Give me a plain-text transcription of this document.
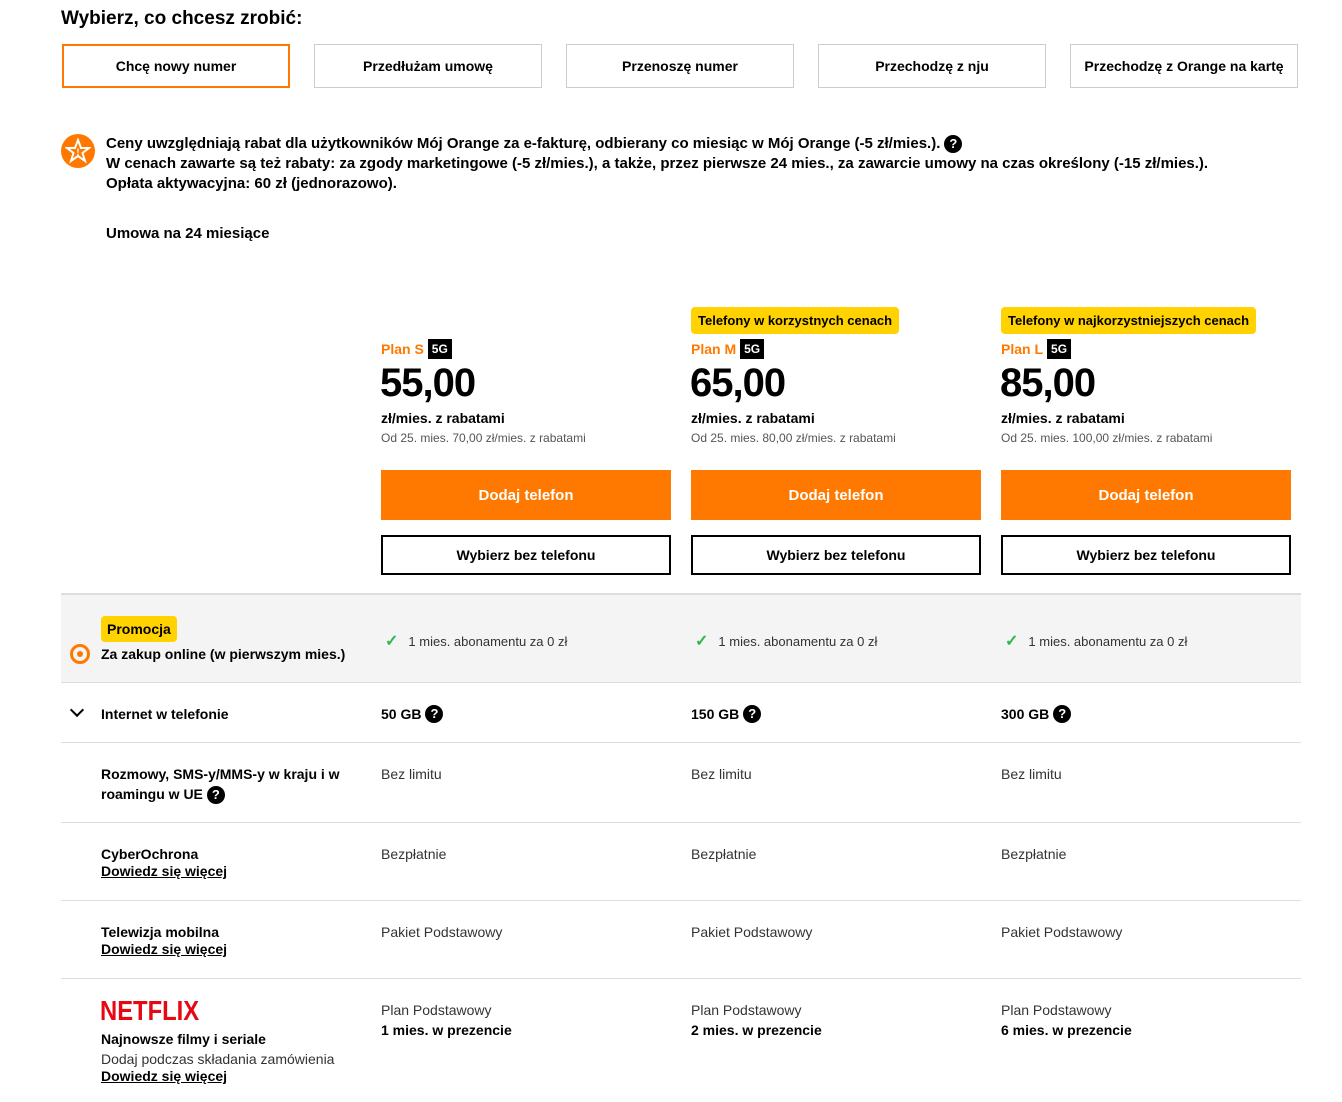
Wybierz, co chcesz zrobić:
Chcę nowy numer	Przedłużam umowę	Przenoszę numer	Przechodzę z nju	Przechodzę z Orange na kartę
! Ceny uwzględniają rabat dla użytkowników Mój Orange za e-fakturę, odbierany co miesiąc w Mój Orange (-5 zł/mies.). ?
W cenach zawarte są też rabaty: za zgody marketingowe (-5 zł/mies.), a także, przez pierwsze 24 mies., za zawarcie umowy na czas określony (-15 zł/mies.).
Opłata aktywacyjna: 60 zł (jednorazowo).
Umowa na 24 miesiące
Plan S 5G
55,00
zł/mies. z rabatami
Od 25. mies. 70,00 zł/mies. z rabatami
Dodaj telefon
Wybierz bez telefonu
Telefony w korzystnych cenach
Plan M 5G
65,00
zł/mies. z rabatami
Od 25. mies. 80,00 zł/mies. z rabatami
Dodaj telefon
Wybierz bez telefonu
Telefony w najkorzystniejszych cenach
Plan L 5G
85,00
zł/mies. z rabatami
Od 25. mies. 100,00 zł/mies. z rabatami
Dodaj telefon
Wybierz bez telefonu
Promocja
Za zakup online (w pierwszym mies.)
✓ 1 mies. abonamentu za 0 zł	✓ 1 mies. abonamentu za 0 zł	✓ 1 mies. abonamentu za 0 zł
Internet w telefonie	50 GB ?	150 GB ?	300 GB ?
Rozmowy, SMS-y/MMS-y w kraju i w
roamingu w UE ?
Bez limitu	Bez limitu	Bez limitu
CyberOchrona
Dowiedz się więcej
Bezpłatnie	Bezpłatnie	Bezpłatnie
Telewizja mobilna
Dowiedz się więcej
Pakiet Podstawowy	Pakiet Podstawowy	Pakiet Podstawowy
NETFLIX
Najnowsze filmy i seriale
Dodaj podczas składania zamówienia
Dowiedz się więcej
Plan Podstawowy
1 mies. w prezencie
Plan Podstawowy
2 mies. w prezencie
Plan Podstawowy
6 mies. w prezencie
